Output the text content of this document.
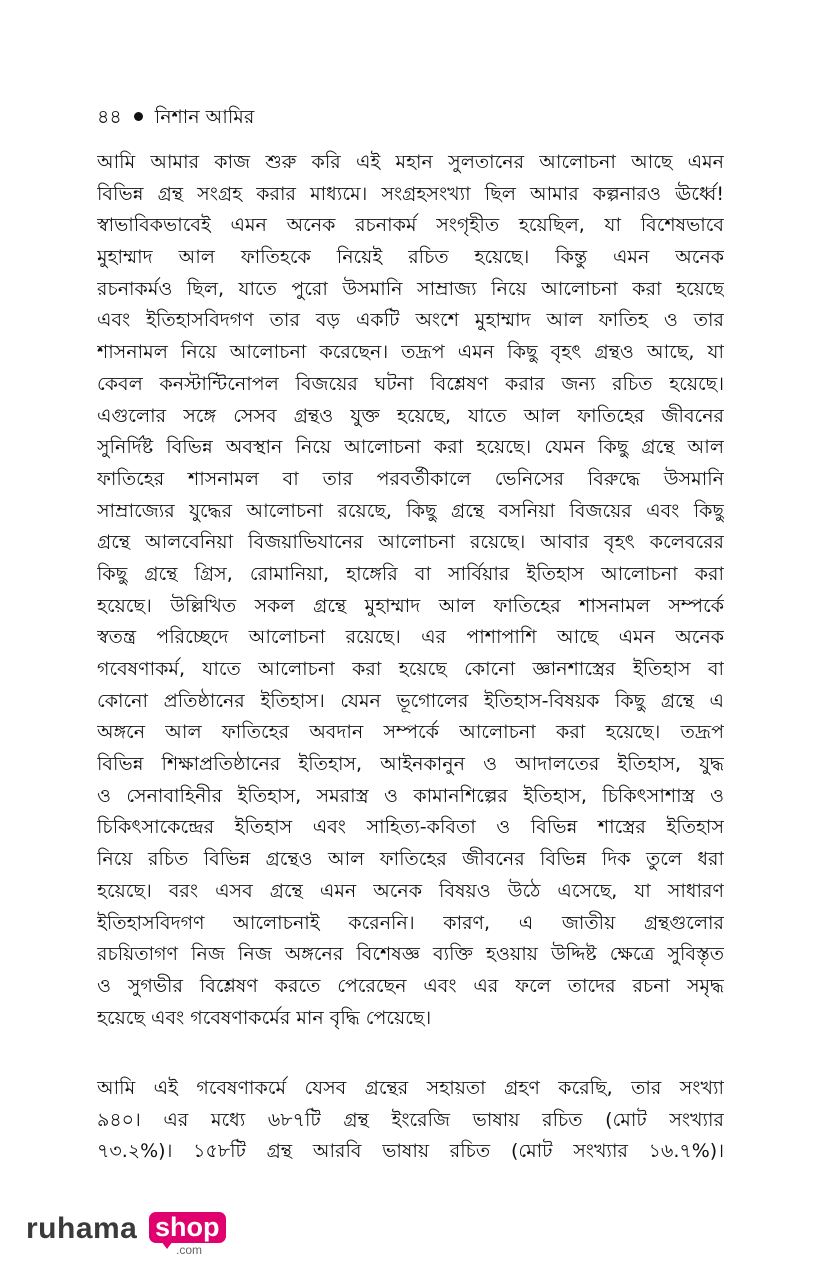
৪৪ নিশান আমির
আমি আমার কাজ শুরু করি এই মহান সুলতানের আলোচনা আছে এমন
বিভিন্ন গ্রন্থ সংগ্রহ করার মাধ্যমে। সংগ্রহসংখ্যা ছিল আমার কল্পনারও ঊর্ধ্বে!
স্বাভাবিকভাবেই এমন অনেক রচনাকর্ম সংগৃহীত হয়েছিল, যা বিশেষভাবে
মুহাম্মাদ আল ফাতিহকে নিয়েই রচিত হয়েছে। কিন্তু এমন অনেক
রচনাকর্মও ছিল, যাতে পুরো উসমানি সাম্রাজ্য নিয়ে আলোচনা করা হয়েছে
এবং ইতিহাসবিদগণ তার বড় একটি অংশে মুহাম্মাদ আল ফাতিহ ও তার
শাসনামল নিয়ে আলোচনা করেছেন। তদ্রূপ এমন কিছু বৃহৎ গ্রন্থও আছে, যা
কেবল কনস্টান্টিনোপল বিজয়ের ঘটনা বিশ্লেষণ করার জন্য রচিত হয়েছে।
এগুলোর সঙ্গে সেসব গ্রন্থও যুক্ত হয়েছে, যাতে আল ফাতিহের জীবনের
সুনির্দিষ্ট বিভিন্ন অবস্থান নিয়ে আলোচনা করা হয়েছে। যেমন কিছু গ্রন্থে আল
ফাতিহের শাসনামল বা তার পরবর্তীকালে ভেনিসের বিরুদ্ধে উসমানি
সাম্রাজ্যের যুদ্ধের আলোচনা রয়েছে, কিছু গ্রন্থে বসনিয়া বিজয়ের এবং কিছু
গ্রন্থে আলবেনিয়া বিজয়াভিযানের আলোচনা রয়েছে। আবার বৃহৎ কলেবরের
কিছু গ্রন্থে গ্রিস, রোমানিয়া, হাঙ্গেরি বা সার্বিয়ার ইতিহাস আলোচনা করা
হয়েছে। উল্লিখিত সকল গ্রন্থে মুহাম্মাদ আল ফাতিহের শাসনামল সম্পর্কে
স্বতন্ত্র পরিচ্ছেদে আলোচনা রয়েছে। এর পাশাপাশি আছে এমন অনেক
গবেষণাকর্ম, যাতে আলোচনা করা হয়েছে কোনো জ্ঞানশাস্ত্রের ইতিহাস বা
কোনো প্রতিষ্ঠানের ইতিহাস। যেমন ভূগোলের ইতিহাস-বিষয়ক কিছু গ্রন্থে এ
অঙ্গনে আল ফাতিহের অবদান সম্পর্কে আলোচনা করা হয়েছে। তদ্রূপ
বিভিন্ন শিক্ষাপ্রতিষ্ঠানের ইতিহাস, আইনকানুন ও আদালতের ইতিহাস, যুদ্ধ
ও সেনাবাহিনীর ইতিহাস, সমরাস্ত্র ও কামানশিল্পের ইতিহাস, চিকিৎসাশাস্ত্র ও
চিকিৎসাকেন্দ্রের ইতিহাস এবং সাহিত্য-কবিতা ও বিভিন্ন শাস্ত্রের ইতিহাস
নিয়ে রচিত বিভিন্ন গ্রন্থেও আল ফাতিহের জীবনের বিভিন্ন দিক তুলে ধরা
হয়েছে। বরং এসব গ্রন্থে এমন অনেক বিষয়ও উঠে এসেছে, যা সাধারণ
ইতিহাসবিদগণ আলোচনাই করেননি। কারণ, এ জাতীয় গ্রন্থগুলোর
রচয়িতাগণ নিজ নিজ অঙ্গনের বিশেষজ্ঞ ব্যক্তি হওয়ায় উদ্দিষ্ট ক্ষেত্রে সুবিস্তৃত
ও সুগভীর বিশ্লেষণ করতে পেরেছেন এবং এর ফলে তাদের রচনা সমৃদ্ধ
হয়েছে এবং গবেষণাকর্মের মান বৃদ্ধি পেয়েছে।
আমি এই গবেষণাকর্মে যেসব গ্রন্থের সহায়তা গ্রহণ করেছি, তার সংখ্যা
৯৪০। এর মধ্যে ৬৮৭টি গ্রন্থ ইংরেজি ভাষায় রচিত (মোট সংখ্যার
৭৩.২%)। ১৫৮টি গ্রন্থ আরবি ভাষায় রচিত (মোট সংখ্যার ১৬.৭%)।
ruhama shop
.com
